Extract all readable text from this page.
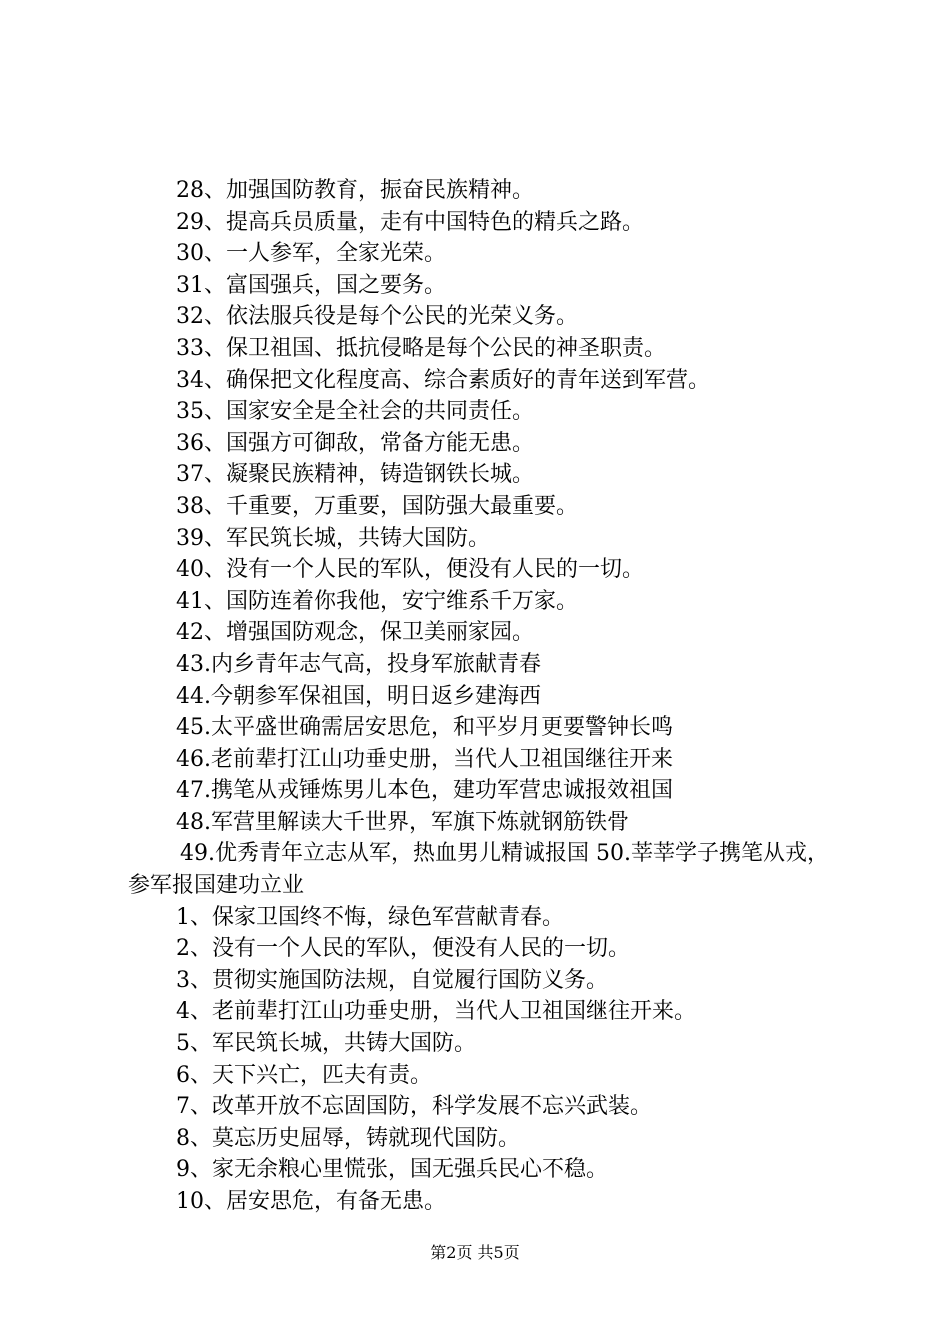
28、加强国防教育，振奋民族精神。
29、提高兵员质量，走有中国特色的精兵之路。
30、一人参军，全家光荣。
31、富国强兵，国之要务。
32、依法服兵役是每个公民的光荣义务。
33、保卫祖国、抵抗侵略是每个公民的神圣职责。
34、确保把文化程度高、综合素质好的青年送到军营。
35、国家安全是全社会的共同责任。
36、国强方可御敌，常备方能无患。
37、凝聚民族精神，铸造钢铁长城。
38、千重要，万重要，国防强大最重要。
39、军民筑长城，共铸大国防。
40、没有一个人民的军队，便没有人民的一切。
41、国防连着你我他，安宁维系千万家。
42、增强国防观念，保卫美丽家园。
43.内乡青年志气高，投身军旅献青春
44.今朝参军保祖国，明日返乡建海西
45.太平盛世确需居安思危，和平岁月更要警钟长鸣
46.老前辈打江山功垂史册，当代人卫祖国继往开来
47.携笔从戎锤炼男儿本色，建功军营忠诚报效祖国
48.军营里解读大千世界，军旗下炼就钢筋铁骨
49.优秀青年立志从军，热血男儿精诚报国 50.莘莘学子携笔从戎，参军报国建功立业
1、保家卫国终不悔，绿色军营献青春。
2、没有一个人民的军队，便没有人民的一切。
3、贯彻实施国防法规，自觉履行国防义务。
4、老前辈打江山功垂史册，当代人卫祖国继往开来。
5、军民筑长城，共铸大国防。
6、天下兴亡，匹夫有责。
7、改革开放不忘固国防，科学发展不忘兴武装。
8、莫忘历史屈辱，铸就现代国防。
9、家无余粮心里慌张，国无强兵民心不稳。
10、居安思危，有备无患。
第2页 共5页
